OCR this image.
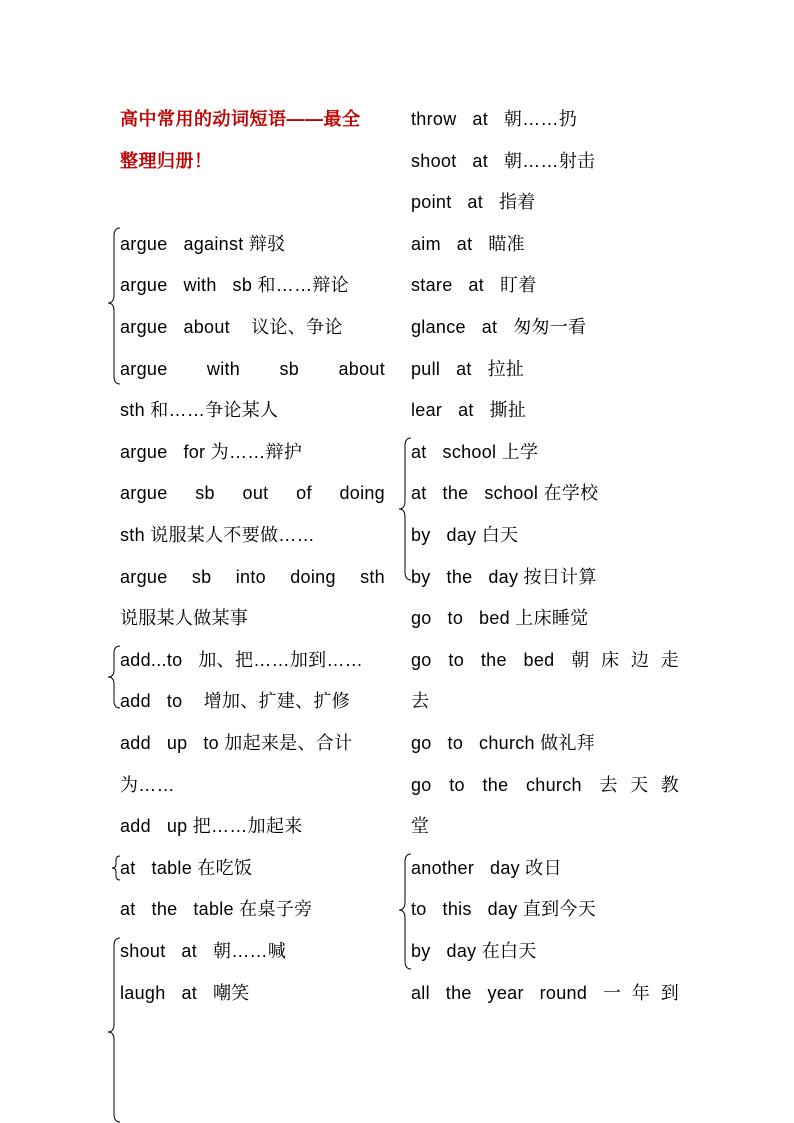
高中常用的动词短语——最全
整理归册！
argue   against 辩驳
argue   with   sb 和……辩论
argue   about    议论、争论
argue with sb about
sth 和……争论某人
argue   for 为……辩护
argue sb out of doing
sth 说服某人不要做……
argue sb into doing sth
说服某人做某事
add...to   加、把……加到……
add   to    增加、扩建、扩修
add   up   to 加起来是、合计
为……
add   up 把……加起来
at   table 在吃饭
at   the   table 在桌子旁
shout   at   朝……喊
laugh   at   嘲笑
throw   at   朝……扔
shoot   at   朝……射击
point   at   指着
aim   at   瞄准
stare   at   盯着
glance   at   匆匆一看
pull   at   拉扯
lear   at   撕扯
at   school 上学
at   the   school 在学校
by   day 白天
by   the   day 按日计算
go   to   bed 上床睡觉
go to the bed 朝床边走
去
go   to   church 做礼拜
go to the church 去天教
堂
another   day 改日
to   this   day 直到今天
by   day 在白天
all the year round 一年到
